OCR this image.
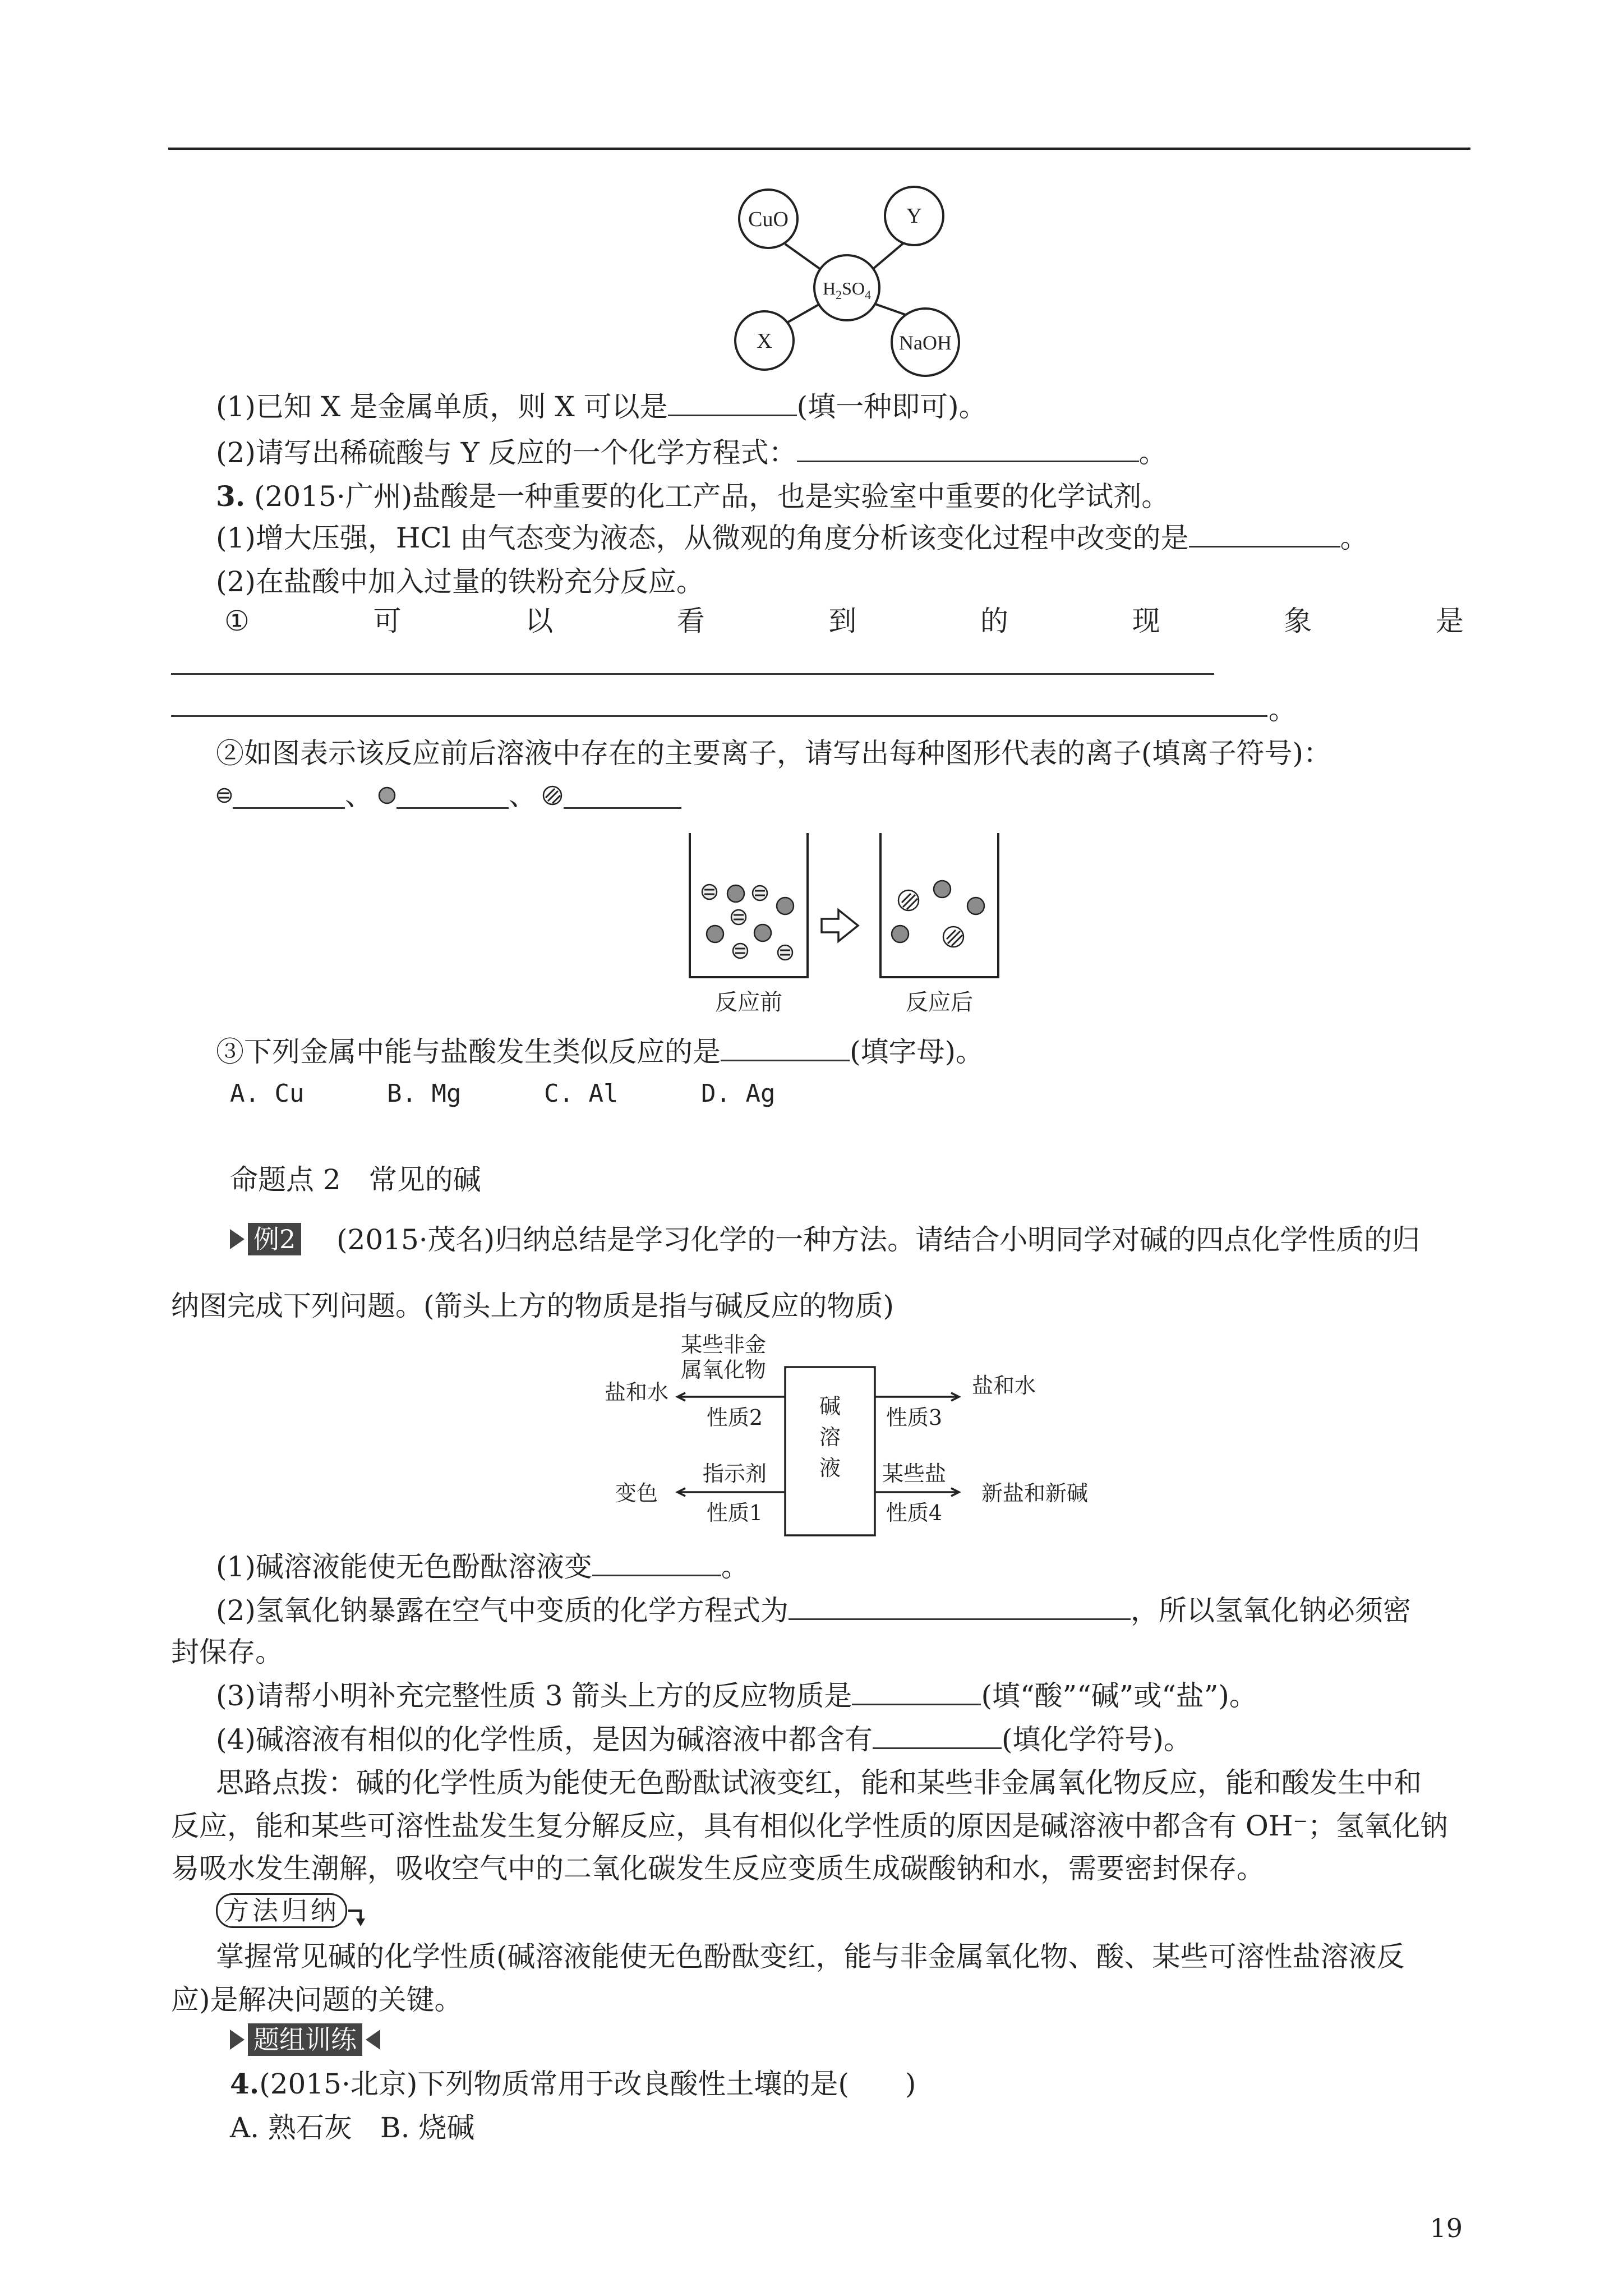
CuO	Y
$H_2SO_4$
X	NaOH
(1)已知 X 是金属单质，则 X 可以是	(填一种即可)。
(2)请写出稀硫酸与 Y 反应的一个化学方程式：	。
3. (2015·广州)盐酸是一种重要的化工产品，也是实验室中重要的化学试剂。
(1)增大压强，HCl 由气态变为液态，从微观的角度分析该变化过程中改变的是	。
(2)在盐酸中加入过量的铁粉充分反应。
①	可	以	看	到	的	现	象	是
。
②如图表示该反应前后溶液中存在的主要离子，请写出每种图形代表的离子(填离子符号)：
、	、
反应前	反应后
③下列金属中能与盐酸发生类似反应的是	(填字母)。
A. Cu	B. Mg	C. Al	D. Ag
命题点 2　常见的碱
例2 (2015·茂名)归纳总结是学习化学的一种方法。请结合小明同学对碱的四点化学性质的归
纳图完成下列问题。(箭头上方的物质是指与碱反应的物质)
碱
溶
液
某些非金
属氧化物
性质2
盐和水
性质3
盐和水
指示剂
性质1
变色
某些盐
性质4
新盐和新碱
(1)碱溶液能使无色酚酞溶液变	。
(2)氢氧化钠暴露在空气中变质的化学方程式为	，所以氢氧化钠必须密
封保存。
(3)请帮小明补充完整性质 3 箭头上方的反应物质是	(填“酸”“碱”或“盐”)。
(4)碱溶液有相似的化学性质，是因为碱溶液中都含有	(填化学符号)。
思路点拨：碱的化学性质为能使无色酚酞试液变红，能和某些非金属氧化物反应，能和酸发生中和
反应，能和某些可溶性盐发生复分解反应，具有相似化学性质的原因是碱溶液中都含有 OH⁻；氢氧化钠
易吸水发生潮解，吸收空气中的二氧化碳发生反应变质生成碳酸钠和水，需要密封保存。
方 法 归 纳
掌握常见碱的化学性质(碱溶液能使无色酚酞变红，能与非金属氧化物、酸、某些可溶性盐溶液反
应)是解决问题的关键。
题组训练
4.(2015·北京)下列物质常用于改良酸性土壤的是(　　)
A. 熟石灰　B. 烧碱
19
